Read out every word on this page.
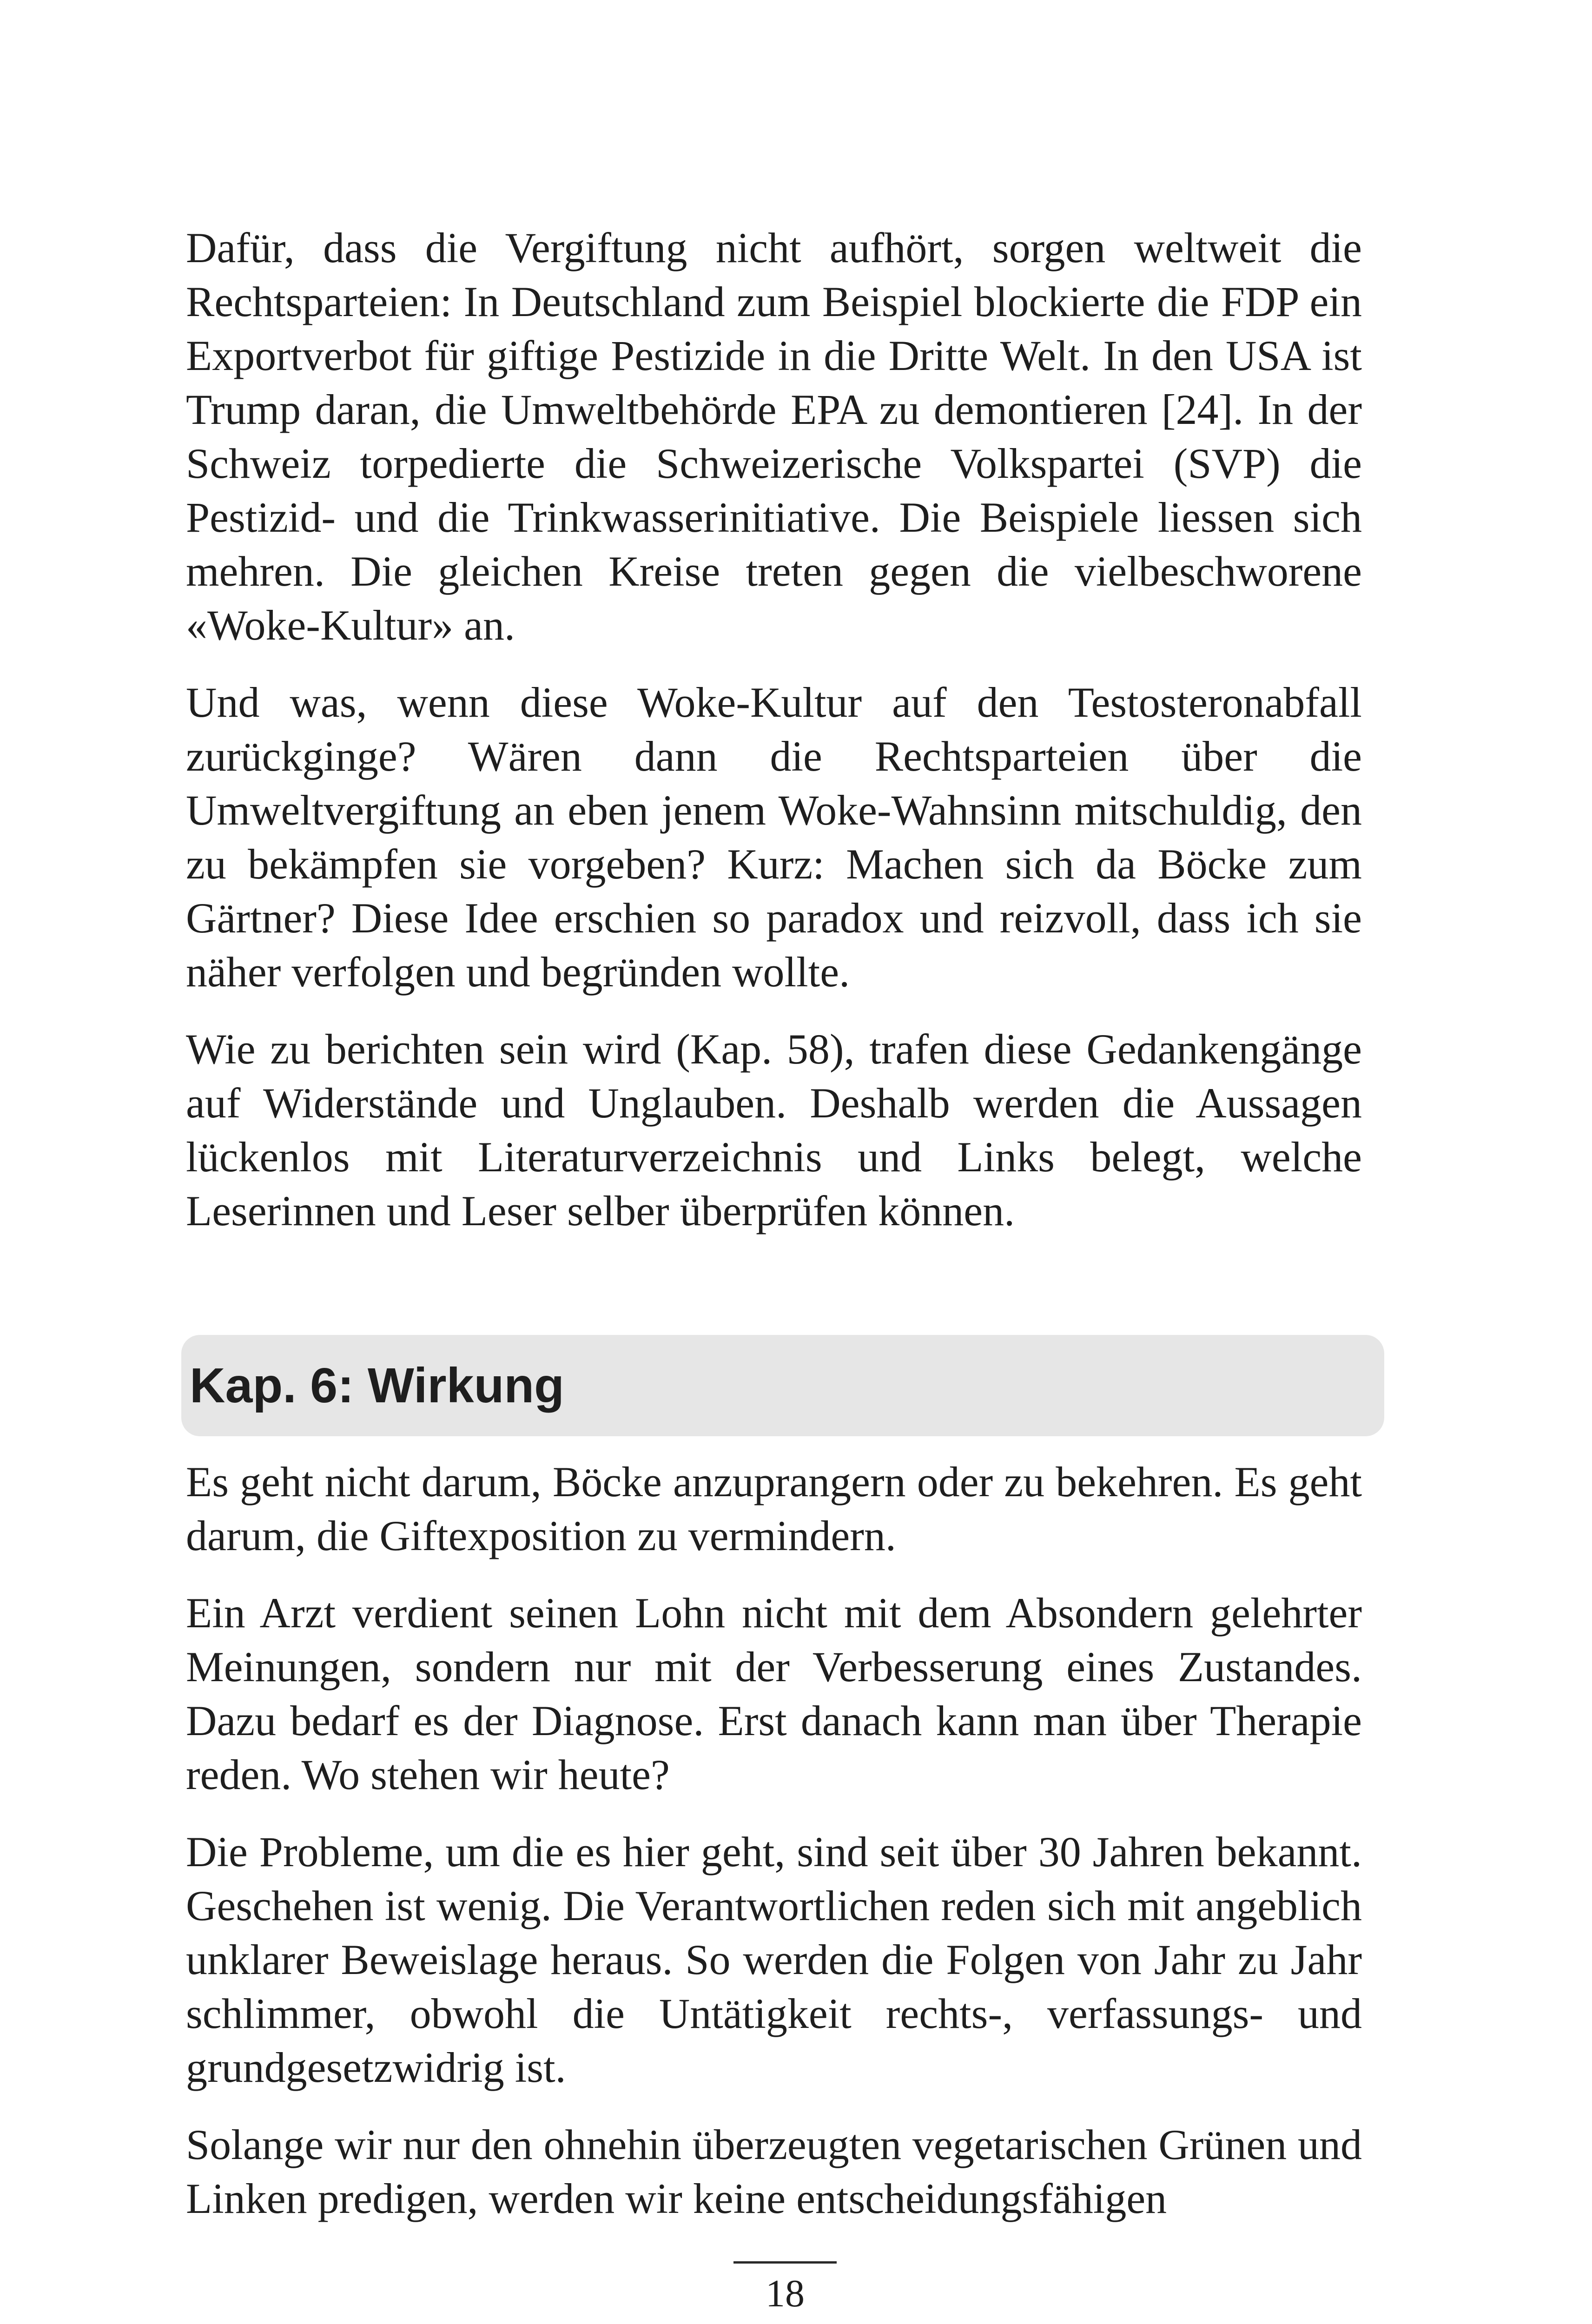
Dafür, dass die Vergiftung nicht aufhört, sorgen weltweit die Rechtsparteien: In Deutschland zum Beispiel blockierte die FDP ein Exportverbot für giftige Pestizide in die Dritte Welt. In den USA ist Trump daran, die Umweltbehörde EPA zu demontieren [24]. In der Schweiz torpedierte die Schweizerische Volkspartei (SVP) die Pestizid- und die Trinkwasserinitiative. Die Beispiele liessen sich mehren. Die gleichen Kreise treten gegen die vielbeschworene «Woke-Kultur» an.

Und was, wenn diese Woke-Kultur auf den Testosteronabfall zurückginge? Wären dann die Rechtsparteien über die Umweltvergiftung an eben jenem Woke-Wahnsinn mitschuldig, den zu bekämpfen sie vorgeben? Kurz: Machen sich da Böcke zum Gärtner? Diese Idee erschien so paradox und reizvoll, dass ich sie näher verfolgen und begründen wollte.

Wie zu berichten sein wird (Kap. 58), trafen diese Gedankengänge auf Widerstände und Unglauben. Deshalb werden die Aussagen lückenlos mit Literaturverzeichnis und Links belegt, welche Leserinnen und Leser selber überprüfen können.

Kap. 6: Wirkung

Es geht nicht darum, Böcke anzuprangern oder zu bekehren. Es geht darum, die Giftexposition zu vermindern.

Ein Arzt verdient seinen Lohn nicht mit dem Absondern gelehrter Meinungen, sondern nur mit der Verbesserung eines Zustandes. Dazu bedarf es der Diagnose. Erst danach kann man über Therapie reden. Wo stehen wir heute?

Die Probleme, um die es hier geht, sind seit über 30 Jahren bekannt. Geschehen ist wenig. Die Verantwortlichen reden sich mit angeblich unklarer Beweislage heraus. So werden die Folgen von Jahr zu Jahr schlimmer, obwohl die Untätigkeit rechts-, verfassungs- und grundgesetzwidrig ist.

Solange wir nur den ohnehin überzeugten vegetarischen Grünen und Linken predigen, werden wir keine entscheidungsfähigen

18
